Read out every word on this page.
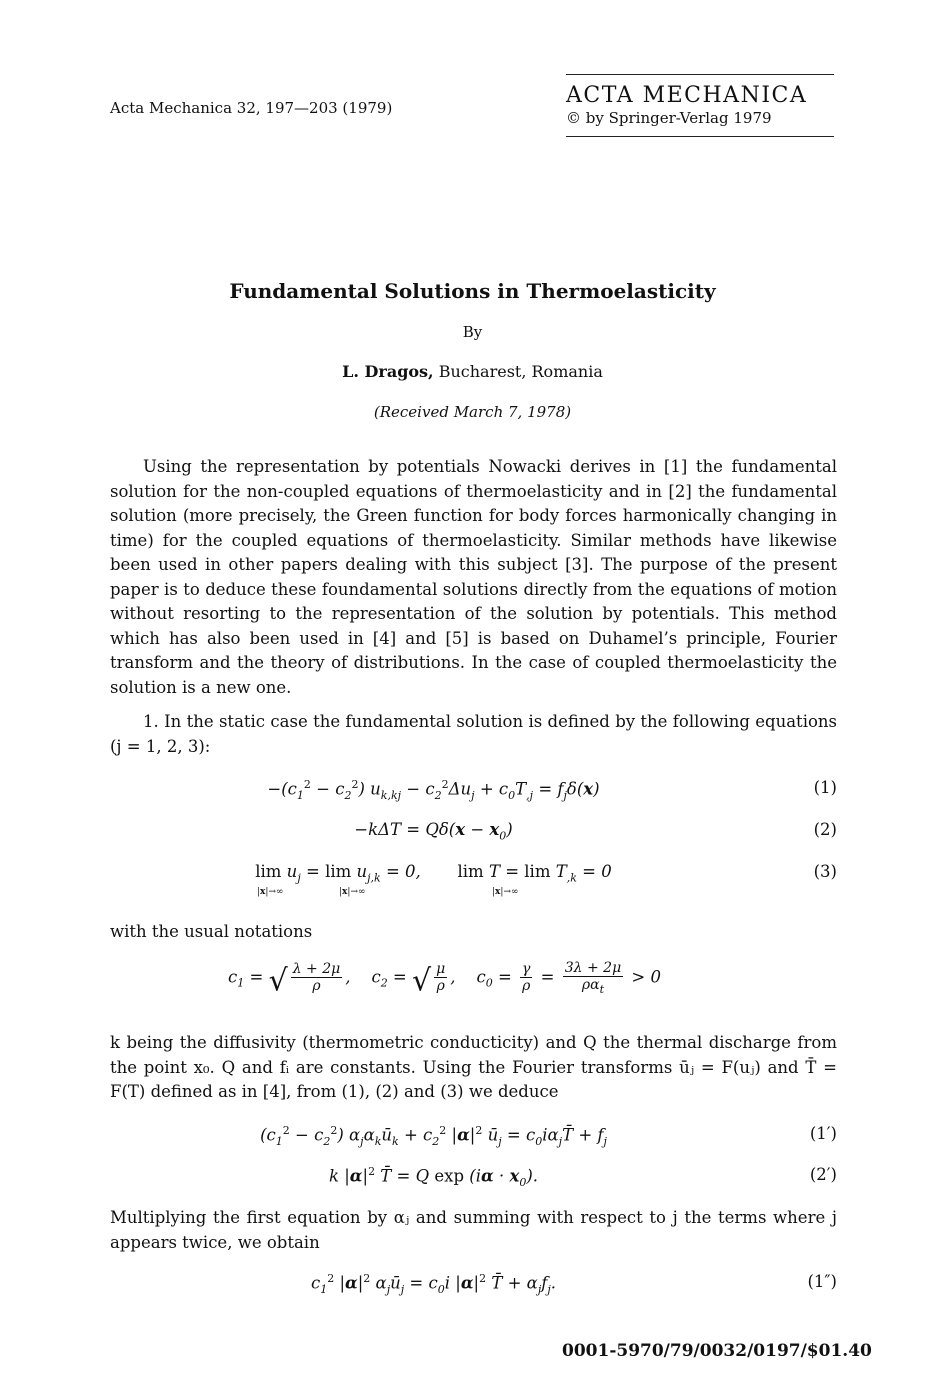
Acta Mechanica 32, 197—203 (1979)	ACTA MECHANICA
© by Springer-Verlag 1979
Fundamental Solutions in Thermoelasticity
By
L. Dragos, Bucharest, Romania
(Received March 7, 1978)
Using the representation by potentials Nowacki derives in [1] the fundamental solution for the non-coupled equations of thermoelasticity and in [2] the fundamental solution (more precisely, the Green function for body forces harmonically changing in time) for the coupled equations of thermoelasticity. Similar methods have likewise been used in other papers dealing with this subject [3]. The purpose of the present paper is to deduce these foundamental solutions directly from the equations of motion without resorting to the representation of the solution by potentials. This method which has also been used in [4] and [5] is based on Duhamel’s principle, Fourier transform and the theory of distributions. In the case of coupled thermoelasticity the solution is a new one.
1. In the static case the fundamental solution is defined by the following equations (j = 1, 2, 3):
$-(c_1^2 - c_2^2) u_{k,kj} - c_2^2\Delta u_j + c_0T_{,j} = f_j\delta(x)$	(1)
$-k\Delta T = Q\delta(x - x_0)$	(2)
$\lim u_j = \lim u_{j,k} = 0$,       $\lim T = \lim T_{,k} = 0$
|x|→∞	|x|→∞	|x|→∞
(3)
with the usual notations
$c_1$ = √ $\frac{\lambda + 2\mu}{\rho}$ ,    $c_2$ = √ $\frac{\mu}{\rho}$ ,    $c_0 = \frac{\gamma}{\rho} = \frac{3\lambda + 2\mu}{\rho\alpha_t} > 0$
k being the diffusivity (thermometric conducticity) and Q the thermal discharge from the point x₀. Q and fᵢ are constants. Using the Fourier transforms ūⱼ = F(uⱼ) and T̄ = F(T) defined as in [4], from (1), (2) and (3) we deduce
$(c_1^2 - c_2^2)$ $\alpha_j\alpha_kū_k + c_2^2$ $|\alpha|^2$ $ū_j$ = $c_0i\alpha_jT̄ + f_j$	(1′)
k $|\alpha|^2$ T̄ = Q $\exp (i\alpha \cdot x_0)$.	(2′)
Multiplying the first equation by αⱼ and summing with respect to j the terms where j appears twice, we obtain
$c_1^2$ $|\alpha|^2$ $\alpha_jū_j = c_0i$ $|\alpha|^2$ T̄ + $\alpha_jf_j$.	(1″)
0001-5970/79/0032/0197/$01.40
